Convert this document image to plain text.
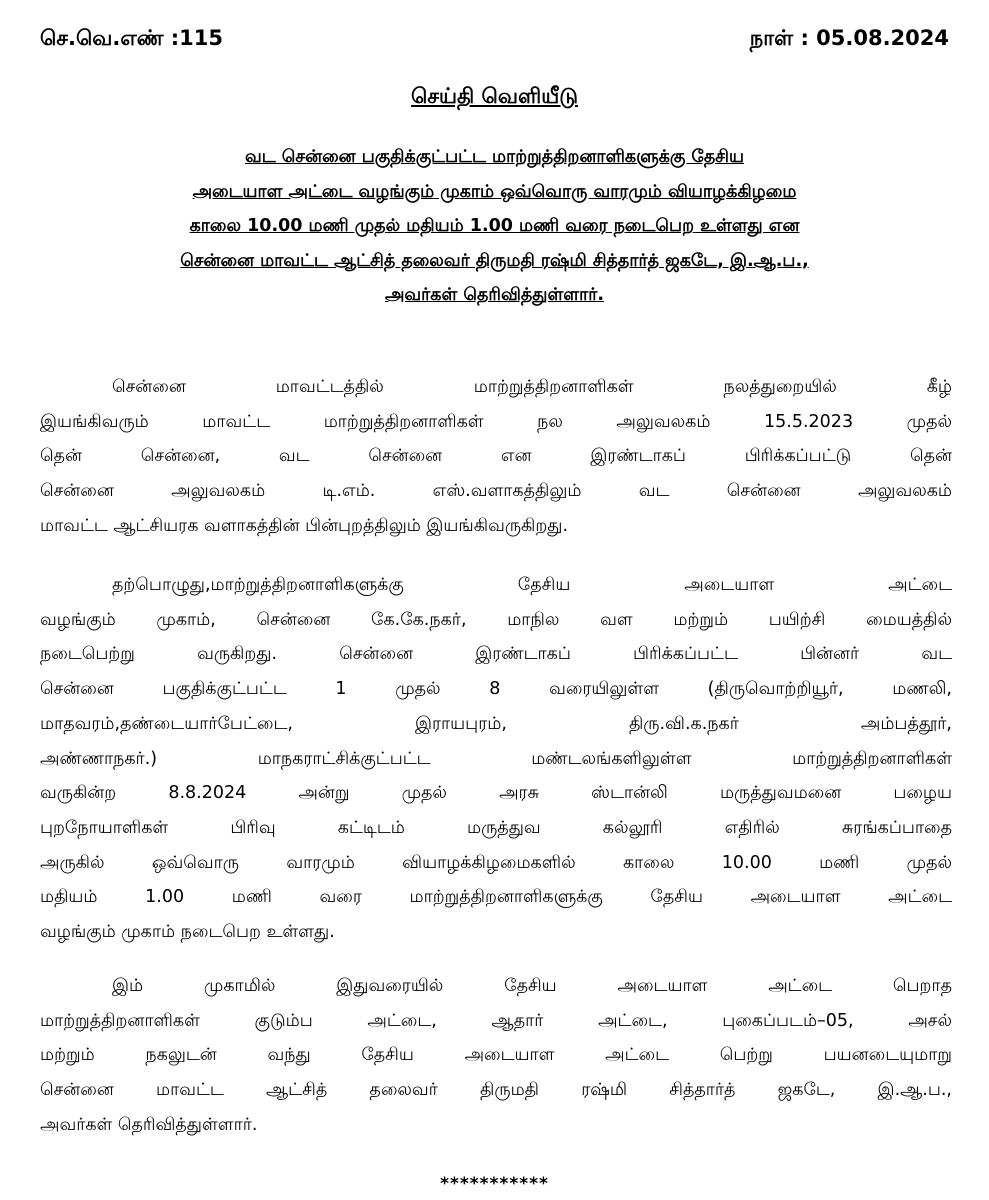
செ.வெ.எண் :115	நாள் : 05.08.2024
செய்தி வெளியீடு
வட சென்னை பகுதிக்குட்பட்ட மாற்றுத்திறனாளிகளுக்கு தேசிய
அடையாள அட்டை வழங்கும் முகாம் ஒவ்வொரு வாரமும் வியாழக்கிழமை
காலை 10.00 மணி முதல் மதியம் 1.00 மணி வரை நடைபெற உள்ளது என
சென்னை மாவட்ட ஆட்சித் தலைவர் திருமதி ரஷ்மி சித்தார்த் ஜகடே, இ.ஆ.ப.,
அவர்கள் தெரிவித்துள்ளார்.
சென்னை மாவட்டத்தில் மாற்றுத்திறனாளிகள் நலத்துறையில் கீழ்
இயங்கிவரும் மாவட்ட மாற்றுத்திறனாளிகள் நல அலுவலகம் 15.5.2023 முதல்
தென் சென்னை, வட சென்னை என இரண்டாகப் பிரிக்கப்பட்டு தென்
சென்னை அலுவலகம் டி.எம். எஸ்.வளாகத்திலும் வட சென்னை அலுவலகம்
மாவட்ட ஆட்சியரக வளாகத்தின் பின்புறத்திலும் இயங்கிவருகிறது.
தற்பொழுது,மாற்றுத்திறனாளிகளுக்கு தேசிய அடையாள அட்டை
வழங்கும் முகாம், சென்னை கே.கே.நகர், மாநில வள மற்றும் பயிற்சி மையத்தில்
நடைபெற்று வருகிறது. சென்னை இரண்டாகப் பிரிக்கப்பட்ட பின்னர் வட
சென்னை பகுதிக்குட்பட்ட 1 முதல் 8 வரையிலுள்ள (திருவொற்றியூர், மணலி,
மாதவரம்,தண்டையார்பேட்டை, இராயபுரம், திரு.வி.க.நகர் அம்பத்தூர்,
அண்ணாநகர்.) மாநகராட்சிக்குட்பட்ட மண்டலங்களிலுள்ள மாற்றுத்திறனாளிகள்
வருகின்ற 8.8.2024 அன்று முதல் அரசு ஸ்டான்லி மருத்துவமனை பழைய
புறநோயாளிகள் பிரிவு கட்டிடம் மருத்துவ கல்லூரி எதிரில் சுரங்கப்பாதை
அருகில் ஒவ்வொரு வாரமும் வியாழக்கிழமைகளில் காலை 10.00 மணி முதல்
மதியம் 1.00 மணி வரை மாற்றுத்திறனாளிகளுக்கு தேசிய அடையாள அட்டை
வழங்கும் முகாம் நடைபெற உள்ளது.
இம் முகாமில் இதுவரையில் தேசிய அடையாள அட்டை பெறாத
மாற்றுத்திறனாளிகள் குடும்ப அட்டை, ஆதார் அட்டை, புகைப்படம்–05, அசல்
மற்றும் நகலுடன் வந்து தேசிய அடையாள அட்டை பெற்று பயனடையுமாறு
சென்னை மாவட்ட ஆட்சித் தலைவர் திருமதி ரஷ்மி சித்தார்த் ஜகடே, இ.ஆ.ப.,
அவர்கள் தெரிவித்துள்ளார்.
***********
